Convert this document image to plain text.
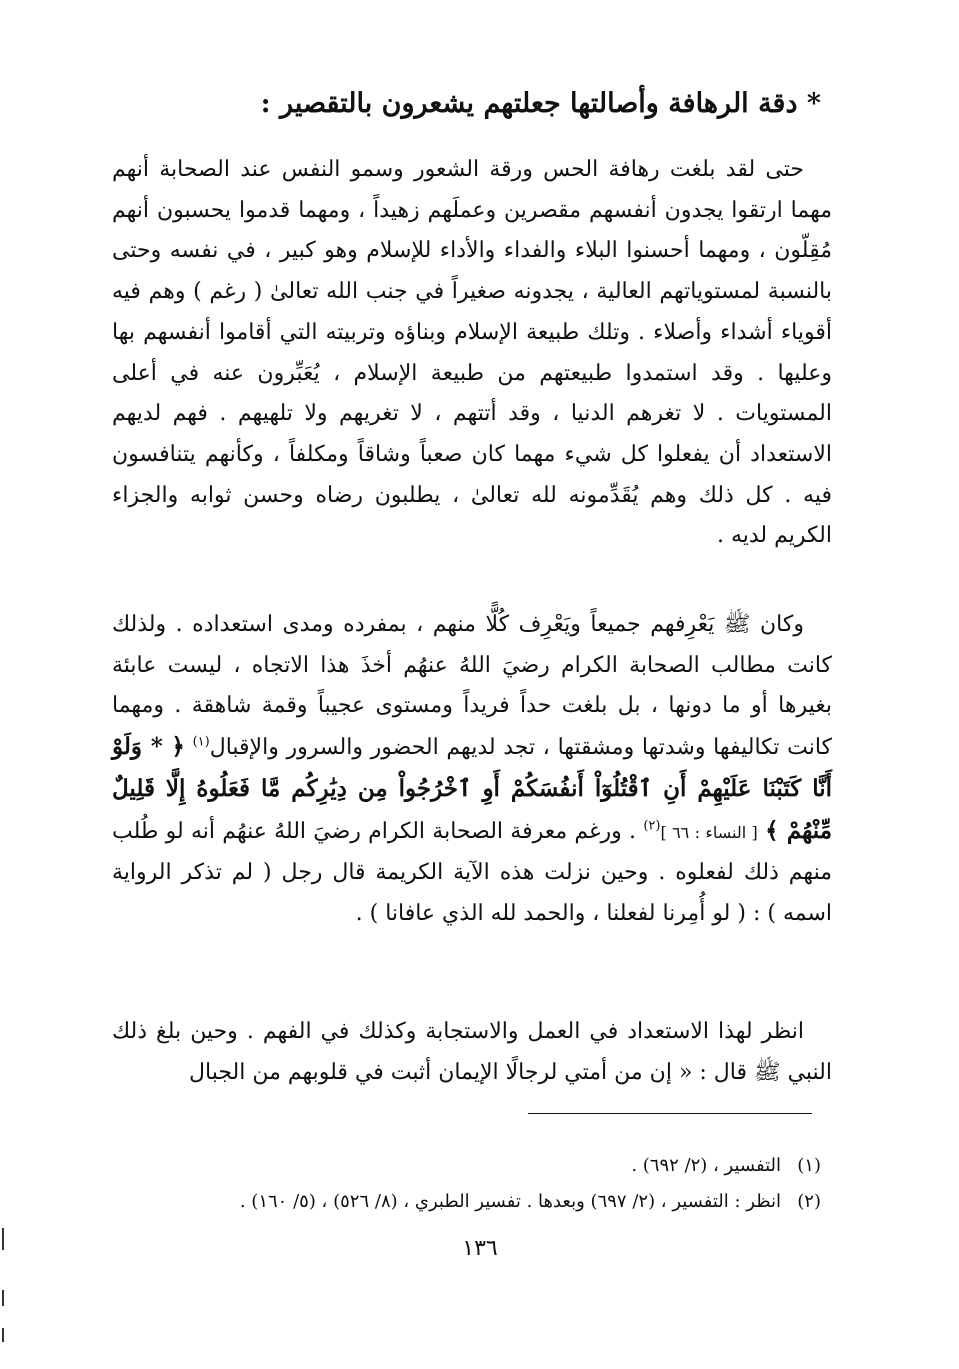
* دقة الرهافة وأصالتها جعلتهم يشعرون بالتقصير :

حتى لقد بلغت رهافة الحس ورقة الشعور وسمو النفس عند الصحابة أنهم مهما ارتقوا يجدون أنفسهم مقصرين وعملَهم زهيداً ، ومهما قدموا يحسبون أنهم مُقِلّون ، ومهما أحسنوا البلاء والفداء والأداء للإسلام وهو كبير ، في نفسه وحتى بالنسبة لمستوياتهم العالية ، يجدونه صغيراً في جنب الله تعالىٰ ( رغم ) وهم فيه أقوياء أشداء وأصلاء . وتلك طبيعة الإسلام وبناؤه وتربيته التي أقاموا أنفسهم بها وعليها . وقد استمدوا طبيعتهم من طبيعة الإسلام ، يُعَبِّرون عنه في أعلى المستويات . لا تغرهم الدنيا ، وقد أتتهم ، لا تغريهم ولا تلهيهم . فهم لديهم الاستعداد أن يفعلوا كل شيء مهما كان صعباً وشاقاً ومكلفاً ، وكأنهم يتنافسون فيه . كل ذلك وهم يُقَدِّمونه لله تعالىٰ ، يطلبون رضاه وحسن ثوابه والجزاء الكريم لديه .

وكان ﷺ يَعْرِفهم جميعاً ويَعْرِف كُلًّا منهم ، بمفرده ومدى استعداده . ولذلك كانت مطالب الصحابة الكرام رضيَ اللهُ عنهُم أخذَ هذا الاتجاه ، ليست عابئة بغيرها أو ما دونها ، بل بلغت حداً فريداً ومستوى عجيباً وقمة شاهقة . ومهما كانت تكاليفها وشدتها ومشقتها ، تجد لديهم الحضور والسرور والإقبال$^{(١)}$ ﴿ * وَلَوْ أَنَّا كَتَبْنَا عَلَيْهِمْ أَنِ ٱقْتُلُوٓاْ أَنفُسَكُمْ أَوِ ٱخْرُجُواْ مِن دِيَٰرِكُم مَّا فَعَلُوهُ إِلَّا قَلِيلٌ مِّنْهُمْ ﴾ [ النساء : ٦٦ ]$^{(٢)}$ . ورغم معرفة الصحابة الكرام رضيَ اللهُ عنهُم أنه لو طُلب منهم ذلك لفعلوه . وحين نزلت هذه الآية الكريمة قال رجل ( لم تذكر الرواية اسمه ) : ( لو أُمِرنا لفعلنا ، والحمد لله الذي عافانا ) .

انظر لهذا الاستعداد في العمل والاستجابة وكذلك في الفهم . وحين بلغ ذلك النبي ﷺ قال : « إن من أمتي لرجالًا الإيمان أثبت في قلوبهم من الجبال

(١)التفسير ، (٢/ ٦٩٢) .
(٢)انظر : التفسير ، (٢/ ٦٩٧) وبعدها . تفسير الطبري ، (٨/ ٥٢٦) ، (٥/ ١٦٠) .
١٣٦
